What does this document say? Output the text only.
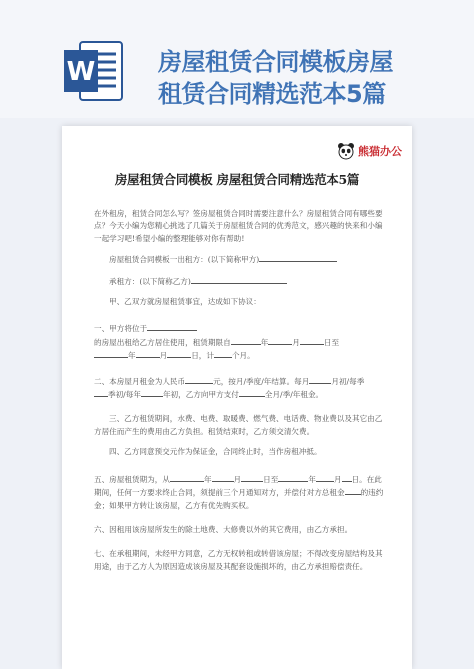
W	房屋租赁合同模板房屋
租赁合同精选范本5篇
熊猫办公
房屋租赁合同模板 房屋租赁合同精选范本5篇

在外租房，租赁合同怎么写？签房屋租赁合同时需要注意什么？房屋租赁合同有哪些要点？今天小编为您精心挑选了几篇关于房屋租赁合同的优秀范文，感兴趣的快来和小编一起学习吧!希望小编的整理能够对你有帮助!

房屋租赁合同模板一出租方：(以下简称甲方)

承租方：(以下简称乙方)

甲、乙双方就房屋租赁事宜，达成如下协议：

一、甲方将位于
的房屋出租给乙方居住使用，租赁期限自	年	月	日至
年	月	日，计 个月。

二、本房屋月租金为人民币	元，按月/季度/年结算。每月	月初/每季
季初/每年	年初，乙方向甲方支付	全月/季/年租金。

三、乙方租赁期间，水费、电费、取暖费、燃气费、电话费、物业费以及其它由乙方居住而产生的费用由乙方负担。租赁结束时，乙方须交清欠费。

四、乙方同意预交元作为保证金，合同终止时，当作房租冲抵。

五、房屋租赁期为，从	年	月	日至	年 月 日。在此期间，任何一方要求终止合同，须提前三个月通知对方，并偿付对方总租金 的违约金；如果甲方转让该房屋，乙方有优先购买权。

六、因租用该房屋所发生的除土地费、大修费以外的其它费用，由乙方承担。

七、在承租期间，未经甲方同意，乙方无权转租或转借该房屋；不得改变房屋结构及其用途，由于乙方人为原因造成该房屋及其配套设施损坏的，由乙方承担赔偿责任。
